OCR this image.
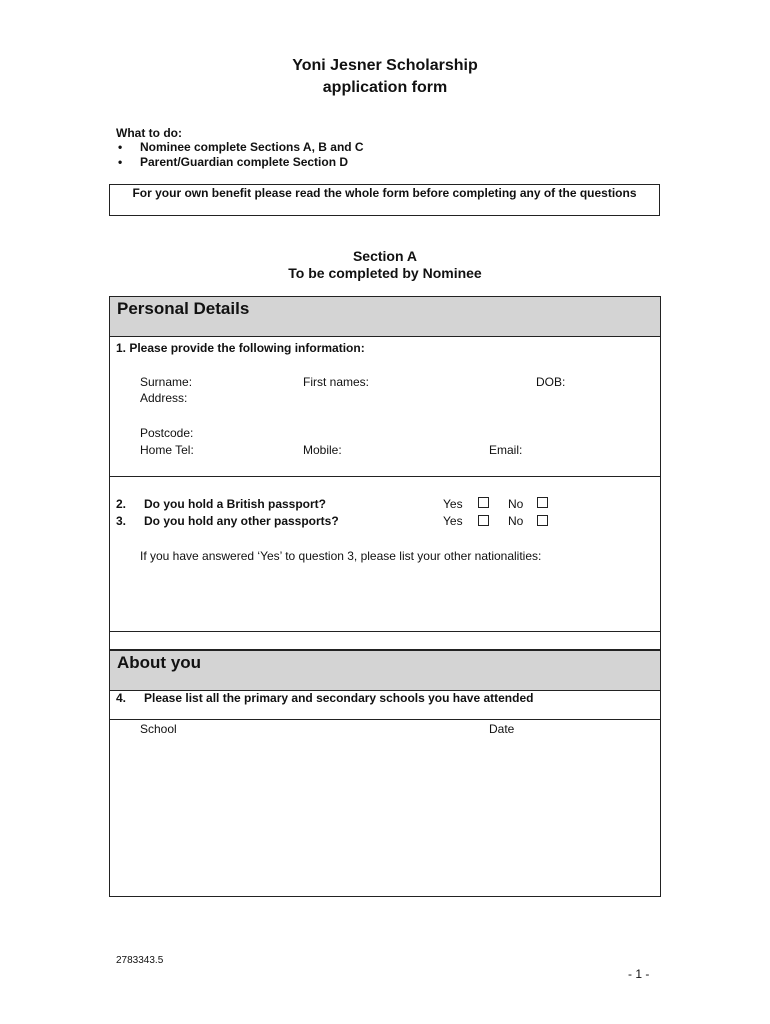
Yoni Jesner Scholarship
application form
What to do:
• Nominee complete Sections A, B and C
• Parent/Guardian complete Section D
For your own benefit please read the whole form before completing any of the questions
Section A
To be completed by Nominee
Personal Details
1. Please provide the following information:
Surname:	First names:	DOB:
Address:
Postcode:
Home Tel:	Mobile:	Email:
2. Do you hold a British passport?	Yes	No
3. Do you hold any other passports?	Yes	No
If you have answered ‘Yes’ to question 3, please list your other nationalities:
About you
4. Please list all the primary and secondary schools you have attended
School	Date
2783343.5
- 1 -
